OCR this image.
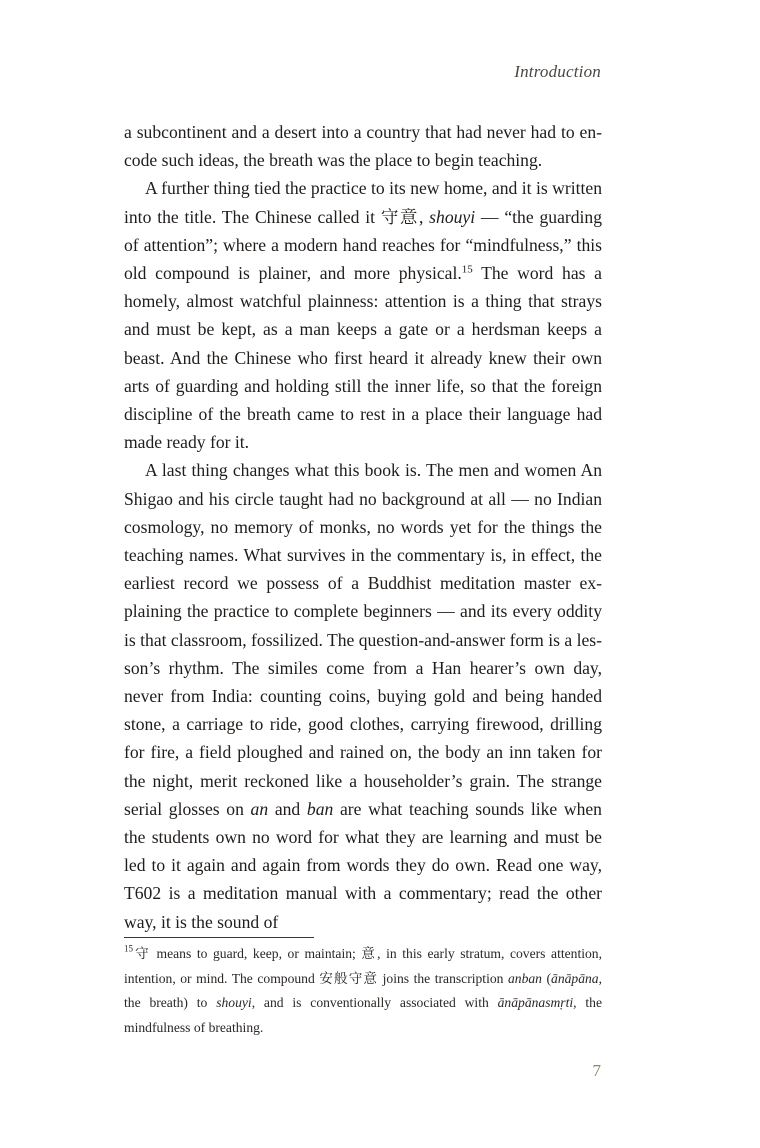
Introduction

a subcontinent and a desert into a country that had never had to encode such ideas, the breath was the place to begin teaching.

A further thing tied the practice to its new home, and it is written into the title. The Chinese called it 守意, shouyi — “the guarding of attention”; where a modern hand reaches for “mindfulness,” this old compound is plainer, and more physical.$^{15}$ The word has a homely, almost watchful plainness: attention is a thing that strays and must be kept, as a man keeps a gate or a herdsman keeps a beast. And the Chinese who first heard it already knew their own arts of guarding and holding still the inner life, so that the foreign discipline of the breath came to rest in a place their language had made ready for it.

A last thing changes what this book is. The men and women An Shigao and his circle taught had no background at all — no Indian cosmology, no memory of monks, no words yet for the things the teaching names. What survives in the commentary is, in effect, the earliest record we possess of a Buddhist meditation master explaining the practice to complete beginners — and its every oddity is that classroom, fossilized. The question-and-answer form is a lesson’s rhythm. The similes come from a Han hearer’s own day, never from India: counting coins, buying gold and being handed stone, a carriage to ride, good clothes, carrying firewood, drilling for fire, a field ploughed and rained on, the body an inn taken for the night, merit reckoned like a householder’s grain. The strange serial glosses on an and ban are what teaching sounds like when the students own no word for what they are learning and must be led to it again and again from words they do own. Read one way, T602 is a meditation manual with a commentary; read the other way, it is the sound of

$^{15}$守 means to guard, keep, or maintain; 意, in this early stratum, covers attention, intention, or mind. The compound 安般守意 joins the transcription anban (ānāpāna, the breath) to shouyi, and is conventionally associated with ānāpānasmṛti, the mindfulness of breathing.
7
